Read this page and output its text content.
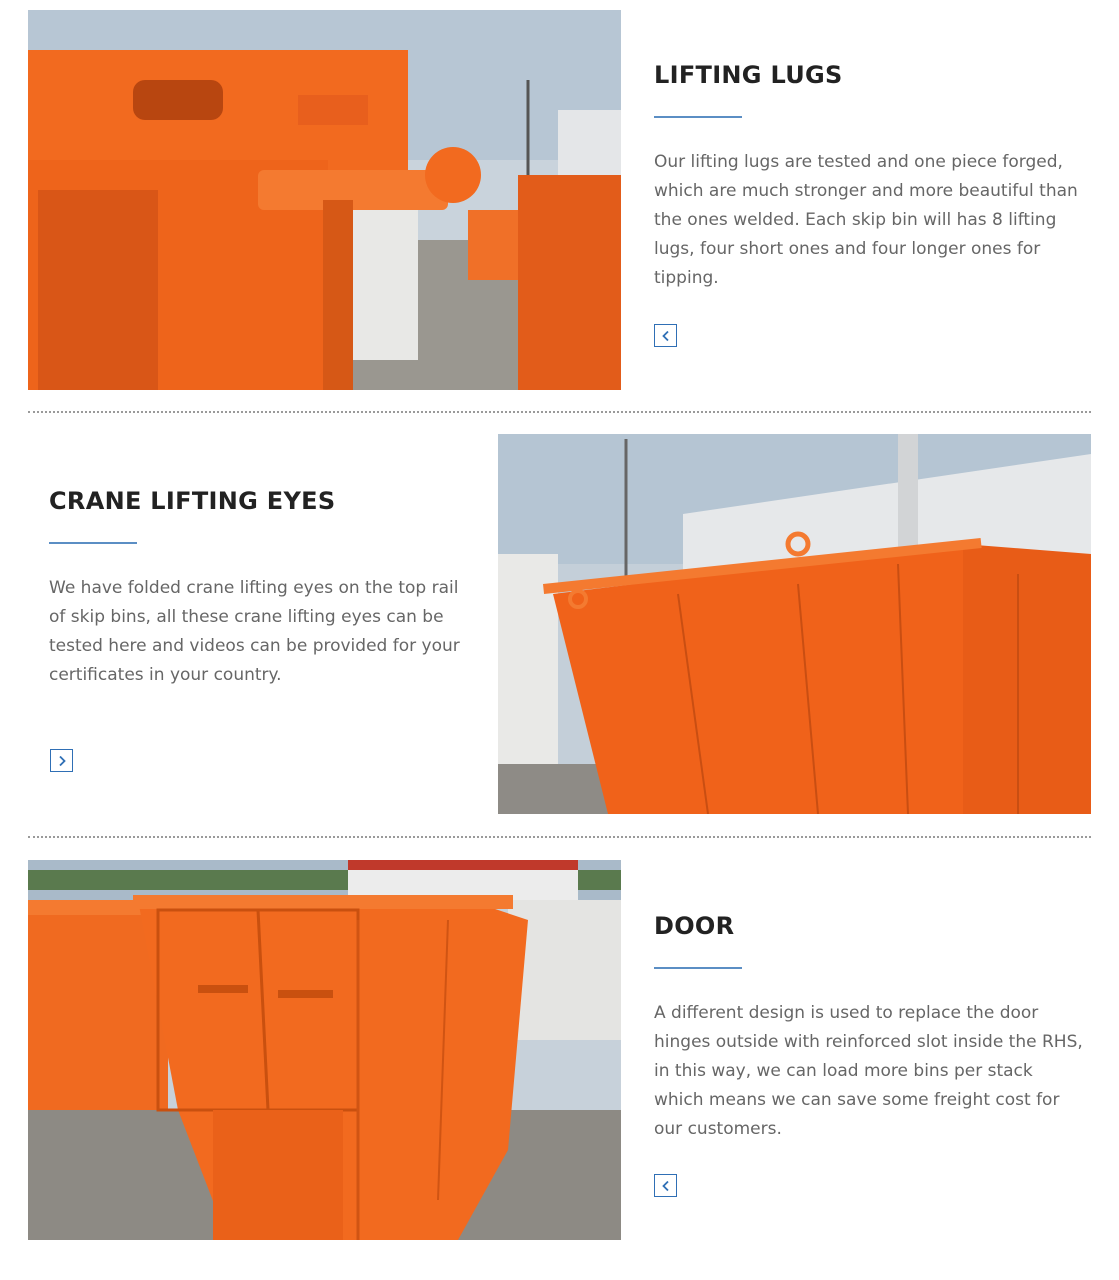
LIFTING LUGS

Our lifting lugs are tested and one piece forged, which are much stronger and more beautiful than the ones welded. Each skip bin will has 8 lifting lugs, four short ones and four longer ones for tipping.

CRANE LIFTING EYES

We have folded crane lifting eyes on the top rail of skip bins, all these crane lifting eyes can be tested here and videos can be provided for your certificates in your country.

DOOR

A different design is used to replace the door hinges outside with reinforced slot inside the RHS, in this way, we can load more bins per stack which means we can save some freight cost for our customers.
